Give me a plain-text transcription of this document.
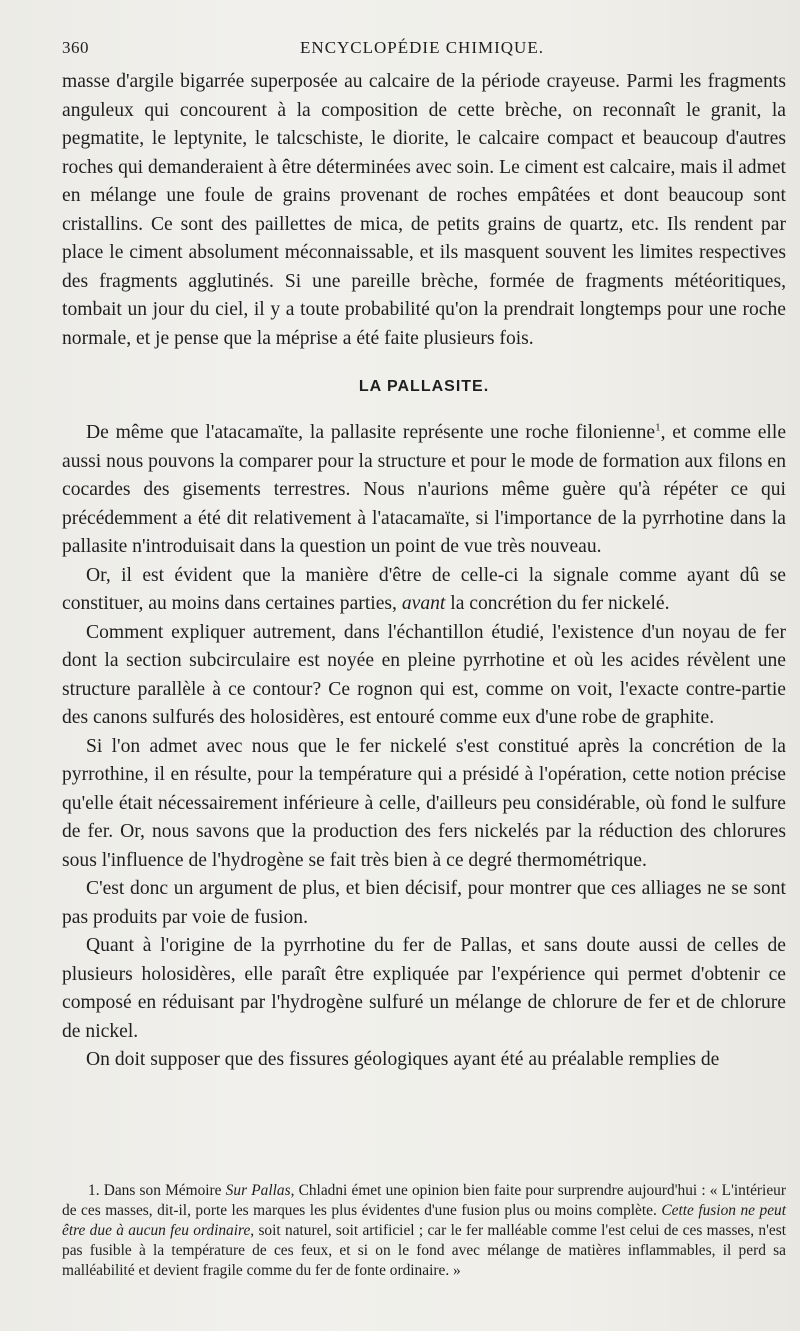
360	ENCYCLOPÉDIE CHIMIQUE.

masse d'argile bigarrée superposée au calcaire de la période crayeuse. Parmi les fragments anguleux qui concourent à la composition de cette brèche, on reconnaît le granit, la pegmatite, le leptynite, le talcschiste, le diorite, le calcaire compact et beaucoup d'autres roches qui demanderaient à être déterminées avec soin. Le ciment est calcaire, mais il admet en mélange une foule de grains provenant de roches empâtées et dont beaucoup sont cristallins. Ce sont des paillettes de mica, de petits grains de quartz, etc. Ils rendent par place le ciment absolument méconnaissable, et ils masquent souvent les limites respectives des fragments agglutinés. Si une pareille brèche, formée de fragments météoritiques, tombait un jour du ciel, il y a toute probabilité qu'on la prendrait longtemps pour une roche normale, et je pense que la méprise a été faite plusieurs fois.

LA PALLASITE.

De même que l'atacamaïte, la pallasite représente une roche filonienne$^1$, et comme elle aussi nous pouvons la comparer pour la structure et pour le mode de formation aux filons en cocardes des gisements terrestres. Nous n'aurions même guère qu'à répéter ce qui précédemment a été dit relativement à l'atacamaïte, si l'importance de la pyrrhotine dans la pallasite n'introduisait dans la question un point de vue très nouveau.

Or, il est évident que la manière d'être de celle-ci la signale comme ayant dû se constituer, au moins dans certaines parties, avant la concrétion du fer nickelé.

Comment expliquer autrement, dans l'échantillon étudié, l'existence d'un noyau de fer dont la section subcirculaire est noyée en pleine pyrrhotine et où les acides révèlent une structure parallèle à ce contour? Ce rognon qui est, comme on voit, l'exacte contre-partie des canons sulfurés des holosidères, est entouré comme eux d'une robe de graphite.

Si l'on admet avec nous que le fer nickelé s'est constitué après la concrétion de la pyrrothine, il en résulte, pour la température qui a présidé à l'opération, cette notion précise qu'elle était nécessairement inférieure à celle, d'ailleurs peu considérable, où fond le sulfure de fer. Or, nous savons que la production des fers nickelés par la réduction des chlorures sous l'influence de l'hydrogène se fait très bien à ce degré thermométrique.

C'est donc un argument de plus, et bien décisif, pour montrer que ces alliages ne se sont pas produits par voie de fusion.

Quant à l'origine de la pyrrhotine du fer de Pallas, et sans doute aussi de celles de plusieurs holosidères, elle paraît être expliquée par l'expérience qui permet d'obtenir ce composé en réduisant par l'hydrogène sulfuré un mélange de chlorure de fer et de chlorure de nickel.

On doit supposer que des fissures géologiques ayant été au préalable remplies de

1. Dans son Mémoire Sur Pallas, Chladni émet une opinion bien faite pour surprendre aujourd'hui : « L'intérieur de ces masses, dit-il, porte les marques les plus évidentes d'une fusion plus ou moins complète. Cette fusion ne peut être due à aucun feu ordinaire, soit naturel, soit artificiel ; car le fer malléable comme l'est celui de ces masses, n'est pas fusible à la température de ces feux, et si on le fond avec mélange de matières inflammables, il perd sa malléabilité et devient fragile comme du fer de fonte ordinaire. »
